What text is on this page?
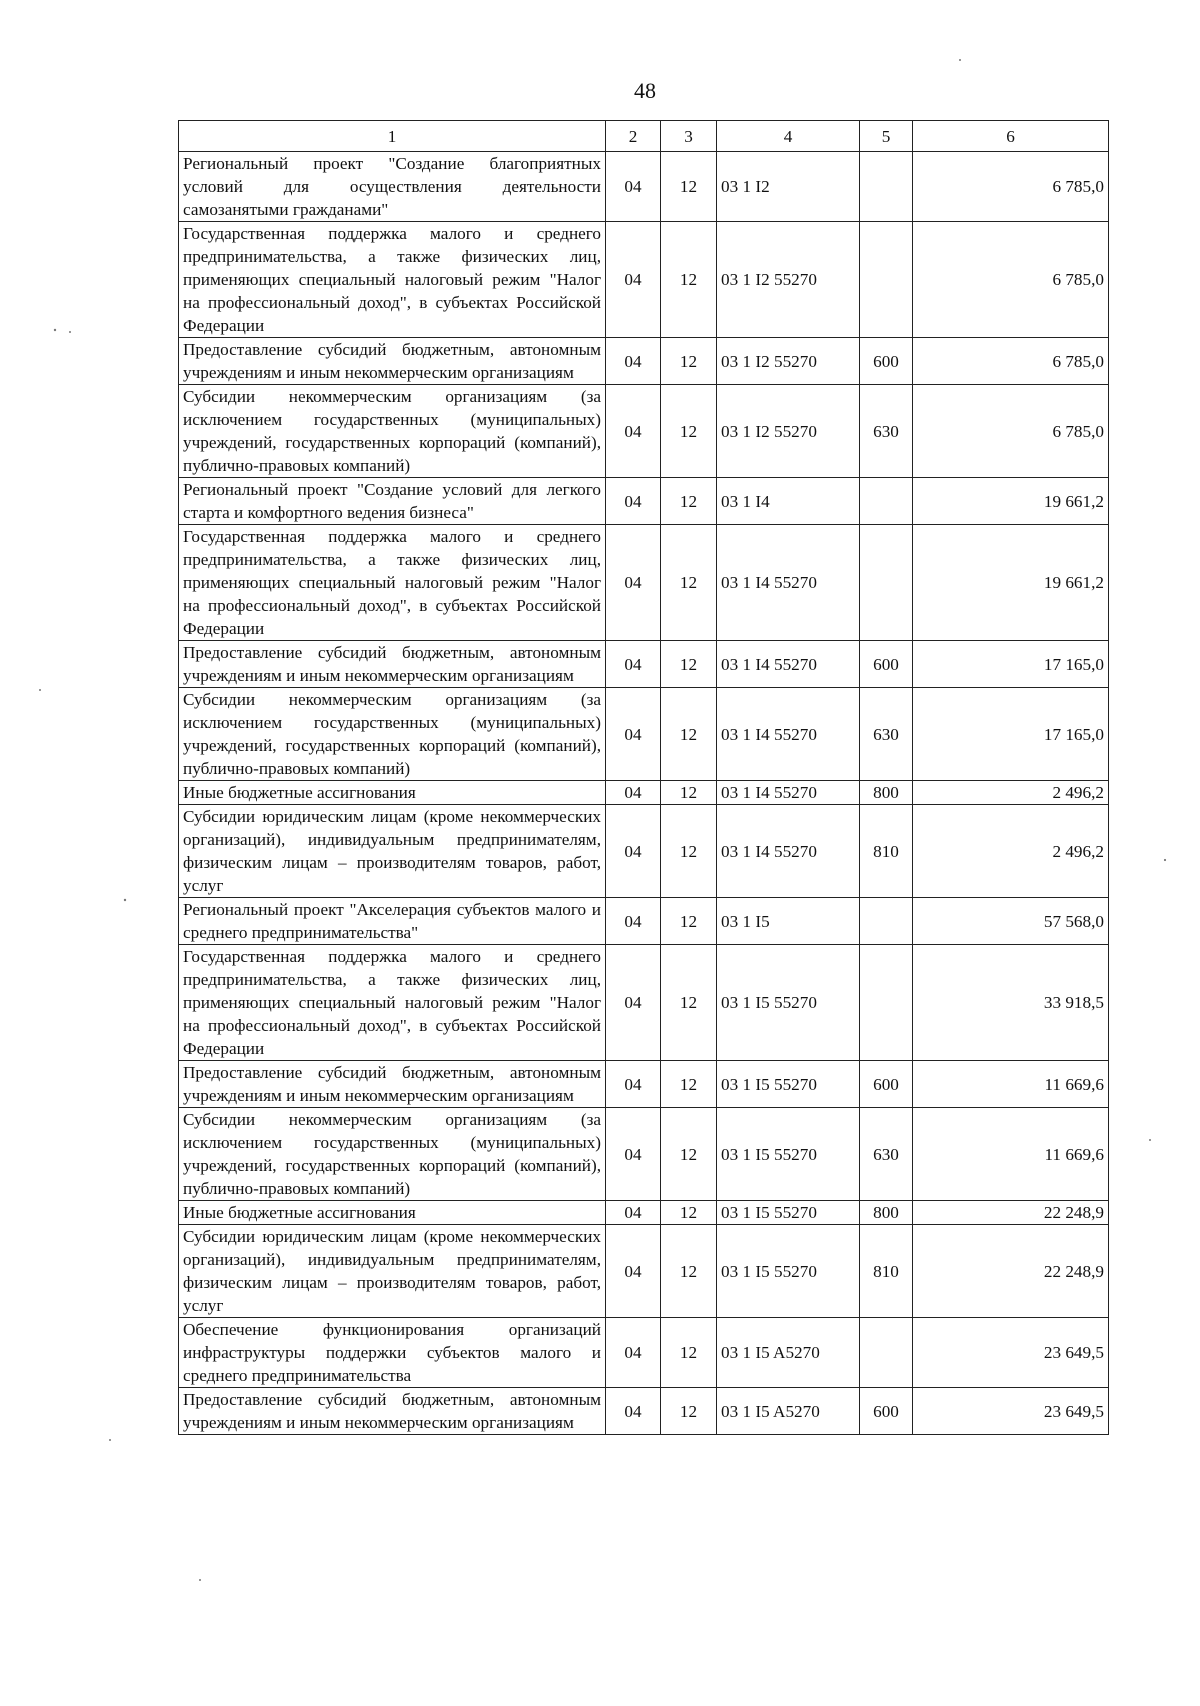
48
1	2	3	4	5	6
Региональный проект "Создание благоприятных условий для осуществления деятельности самозанятыми гражданами"	04	12	03 1 I2		6 785,0
Государственная поддержка малого и среднего предпринимательства, а также физических лиц, применяющих специальный налоговый режим "Налог на профессиональный доход", в субъектах Российской Федерации	04	12	03 1 I2 55270		6 785,0
Предоставление субсидий бюджетным, автономным учреждениям и иным некоммерческим организациям	04	12	03 1 I2 55270	600	6 785,0
Субсидии некоммерческим организациям (за исключением государственных (муниципальных) учреждений, государственных корпораций (компаний), публично-правовых компаний)	04	12	03 1 I2 55270	630	6 785,0
Региональный проект "Создание условий для легкого старта и комфортного ведения бизнеса"	04	12	03 1 I4		19 661,2
Государственная поддержка малого и среднего предпринимательства, а также физических лиц, применяющих специальный налоговый режим "Налог на профессиональный доход", в субъектах Российской Федерации	04	12	03 1 I4 55270		19 661,2
Предоставление субсидий бюджетным, автономным учреждениям и иным некоммерческим организациям	04	12	03 1 I4 55270	600	17 165,0
Субсидии некоммерческим организациям (за исключением государственных (муниципальных) учреждений, государственных корпораций (компаний), публично-правовых компаний)	04	12	03 1 I4 55270	630	17 165,0
Иные бюджетные ассигнования	04	12	03 1 I4 55270	800	2 496,2
Субсидии юридическим лицам (кроме некоммерческих организаций), индивидуальным предпринимателям, физическим лицам – производителям товаров, работ, услуг	04	12	03 1 I4 55270	810	2 496,2
Региональный проект "Акселерация субъектов малого и среднего предпринимательства"	04	12	03 1 I5		57 568,0
Государственная поддержка малого и среднего предпринимательства, а также физических лиц, применяющих специальный налоговый режим "Налог на профессиональный доход", в субъектах Российской Федерации	04	12	03 1 I5 55270		33 918,5
Предоставление субсидий бюджетным, автономным учреждениям и иным некоммерческим организациям	04	12	03 1 I5 55270	600	11 669,6
Субсидии некоммерческим организациям (за исключением государственных (муниципальных) учреждений, государственных корпораций (компаний), публично-правовых компаний)	04	12	03 1 I5 55270	630	11 669,6
Иные бюджетные ассигнования	04	12	03 1 I5 55270	800	22 248,9
Субсидии юридическим лицам (кроме некоммерческих организаций), индивидуальным предпринимателям, физическим лицам – производителям товаров, работ, услуг	04	12	03 1 I5 55270	810	22 248,9
Обеспечение функционирования организаций инфраструктуры поддержки субъектов малого и среднего предпринимательства	04	12	03 1 I5 A5270		23 649,5
Предоставление субсидий бюджетным, автономным учреждениям и иным некоммерческим организациям	04	12	03 1 I5 A5270	600	23 649,5
